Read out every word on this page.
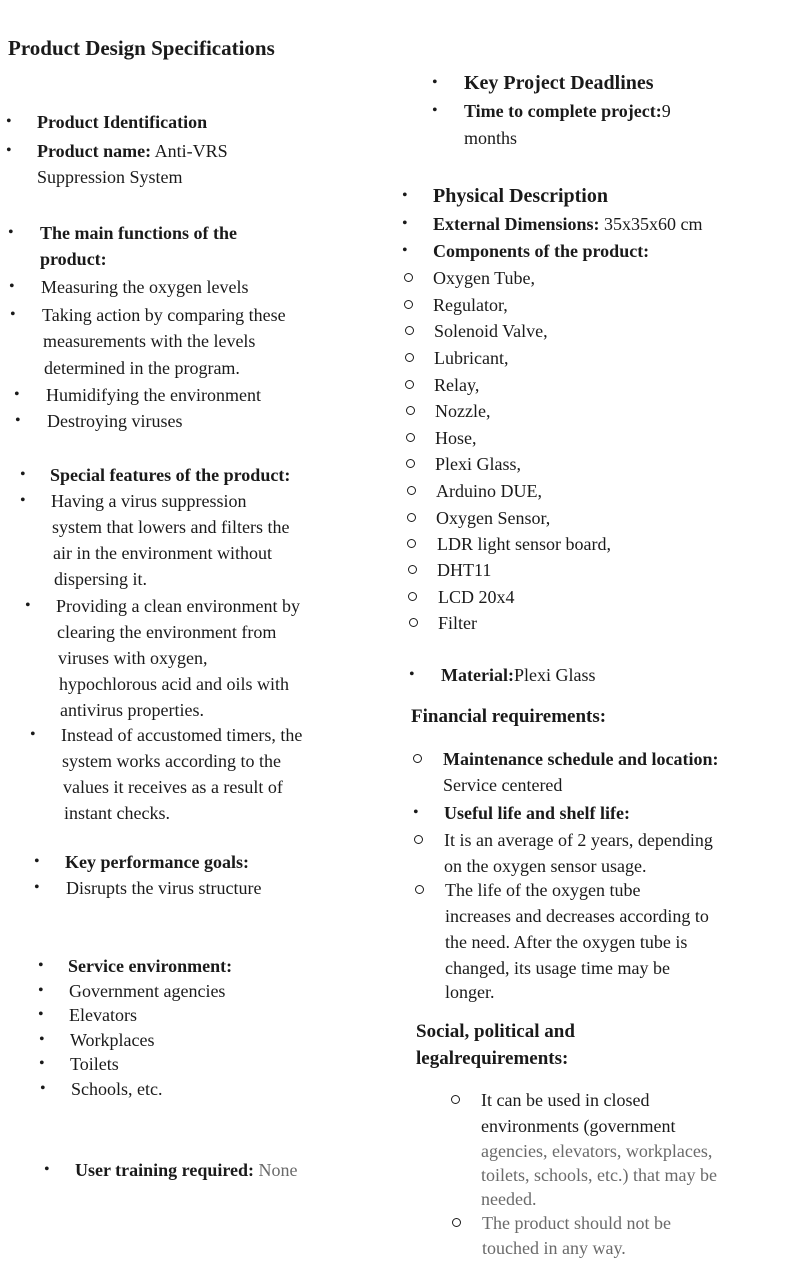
Product Design Specifications
• Product Identification
• Product name: Anti-VRS
Suppression System
• The main functions of the
product:
• Measuring the oxygen levels
• Taking action by comparing these
measurements with the levels
determined in the program.
• Humidifying the environment
• Destroying viruses
• Special features of the product:
• Having a virus suppression
system that lowers and filters the
air in the environment without
dispersing it.
• Providing a clean environment by
clearing the environment from
viruses with oxygen,
hypochlorous acid and oils with
antivirus properties.
• Instead of accustomed timers, the
system works according to the
values it receives as a result of
instant checks.
• Key performance goals:
• Disrupts the virus structure
• Service environment:
• Government agencies
• Elevators
• Workplaces
• Toilets
• Schools, etc.
• User training required: None
• Key Project Deadlines
• Time to complete project:9
months
• Physical Description
• External Dimensions: 35x35x60 cm
• Components of the product:
Oxygen Tube,
Regulator,
Solenoid Valve,
Lubricant,
Relay,
Nozzle,
Hose,
Plexi Glass,
Arduino DUE,
Oxygen Sensor,
LDR light sensor board,
DHT11
LCD 20x4
Filter
• Material:Plexi Glass
Financial requirements:
Maintenance schedule and location:
Service centered
• Useful life and shelf life:
It is an average of 2 years, depending
on the oxygen sensor usage.
The life of the oxygen tube
increases and decreases according to
the need. After the oxygen tube is
changed, its usage time may be
longer.
Social, political and
legalrequirements:
It can be used in closed
environments (government
agencies, elevators, workplaces,
toilets, schools, etc.) that may be
needed.
The product should not be
touched in any way.
